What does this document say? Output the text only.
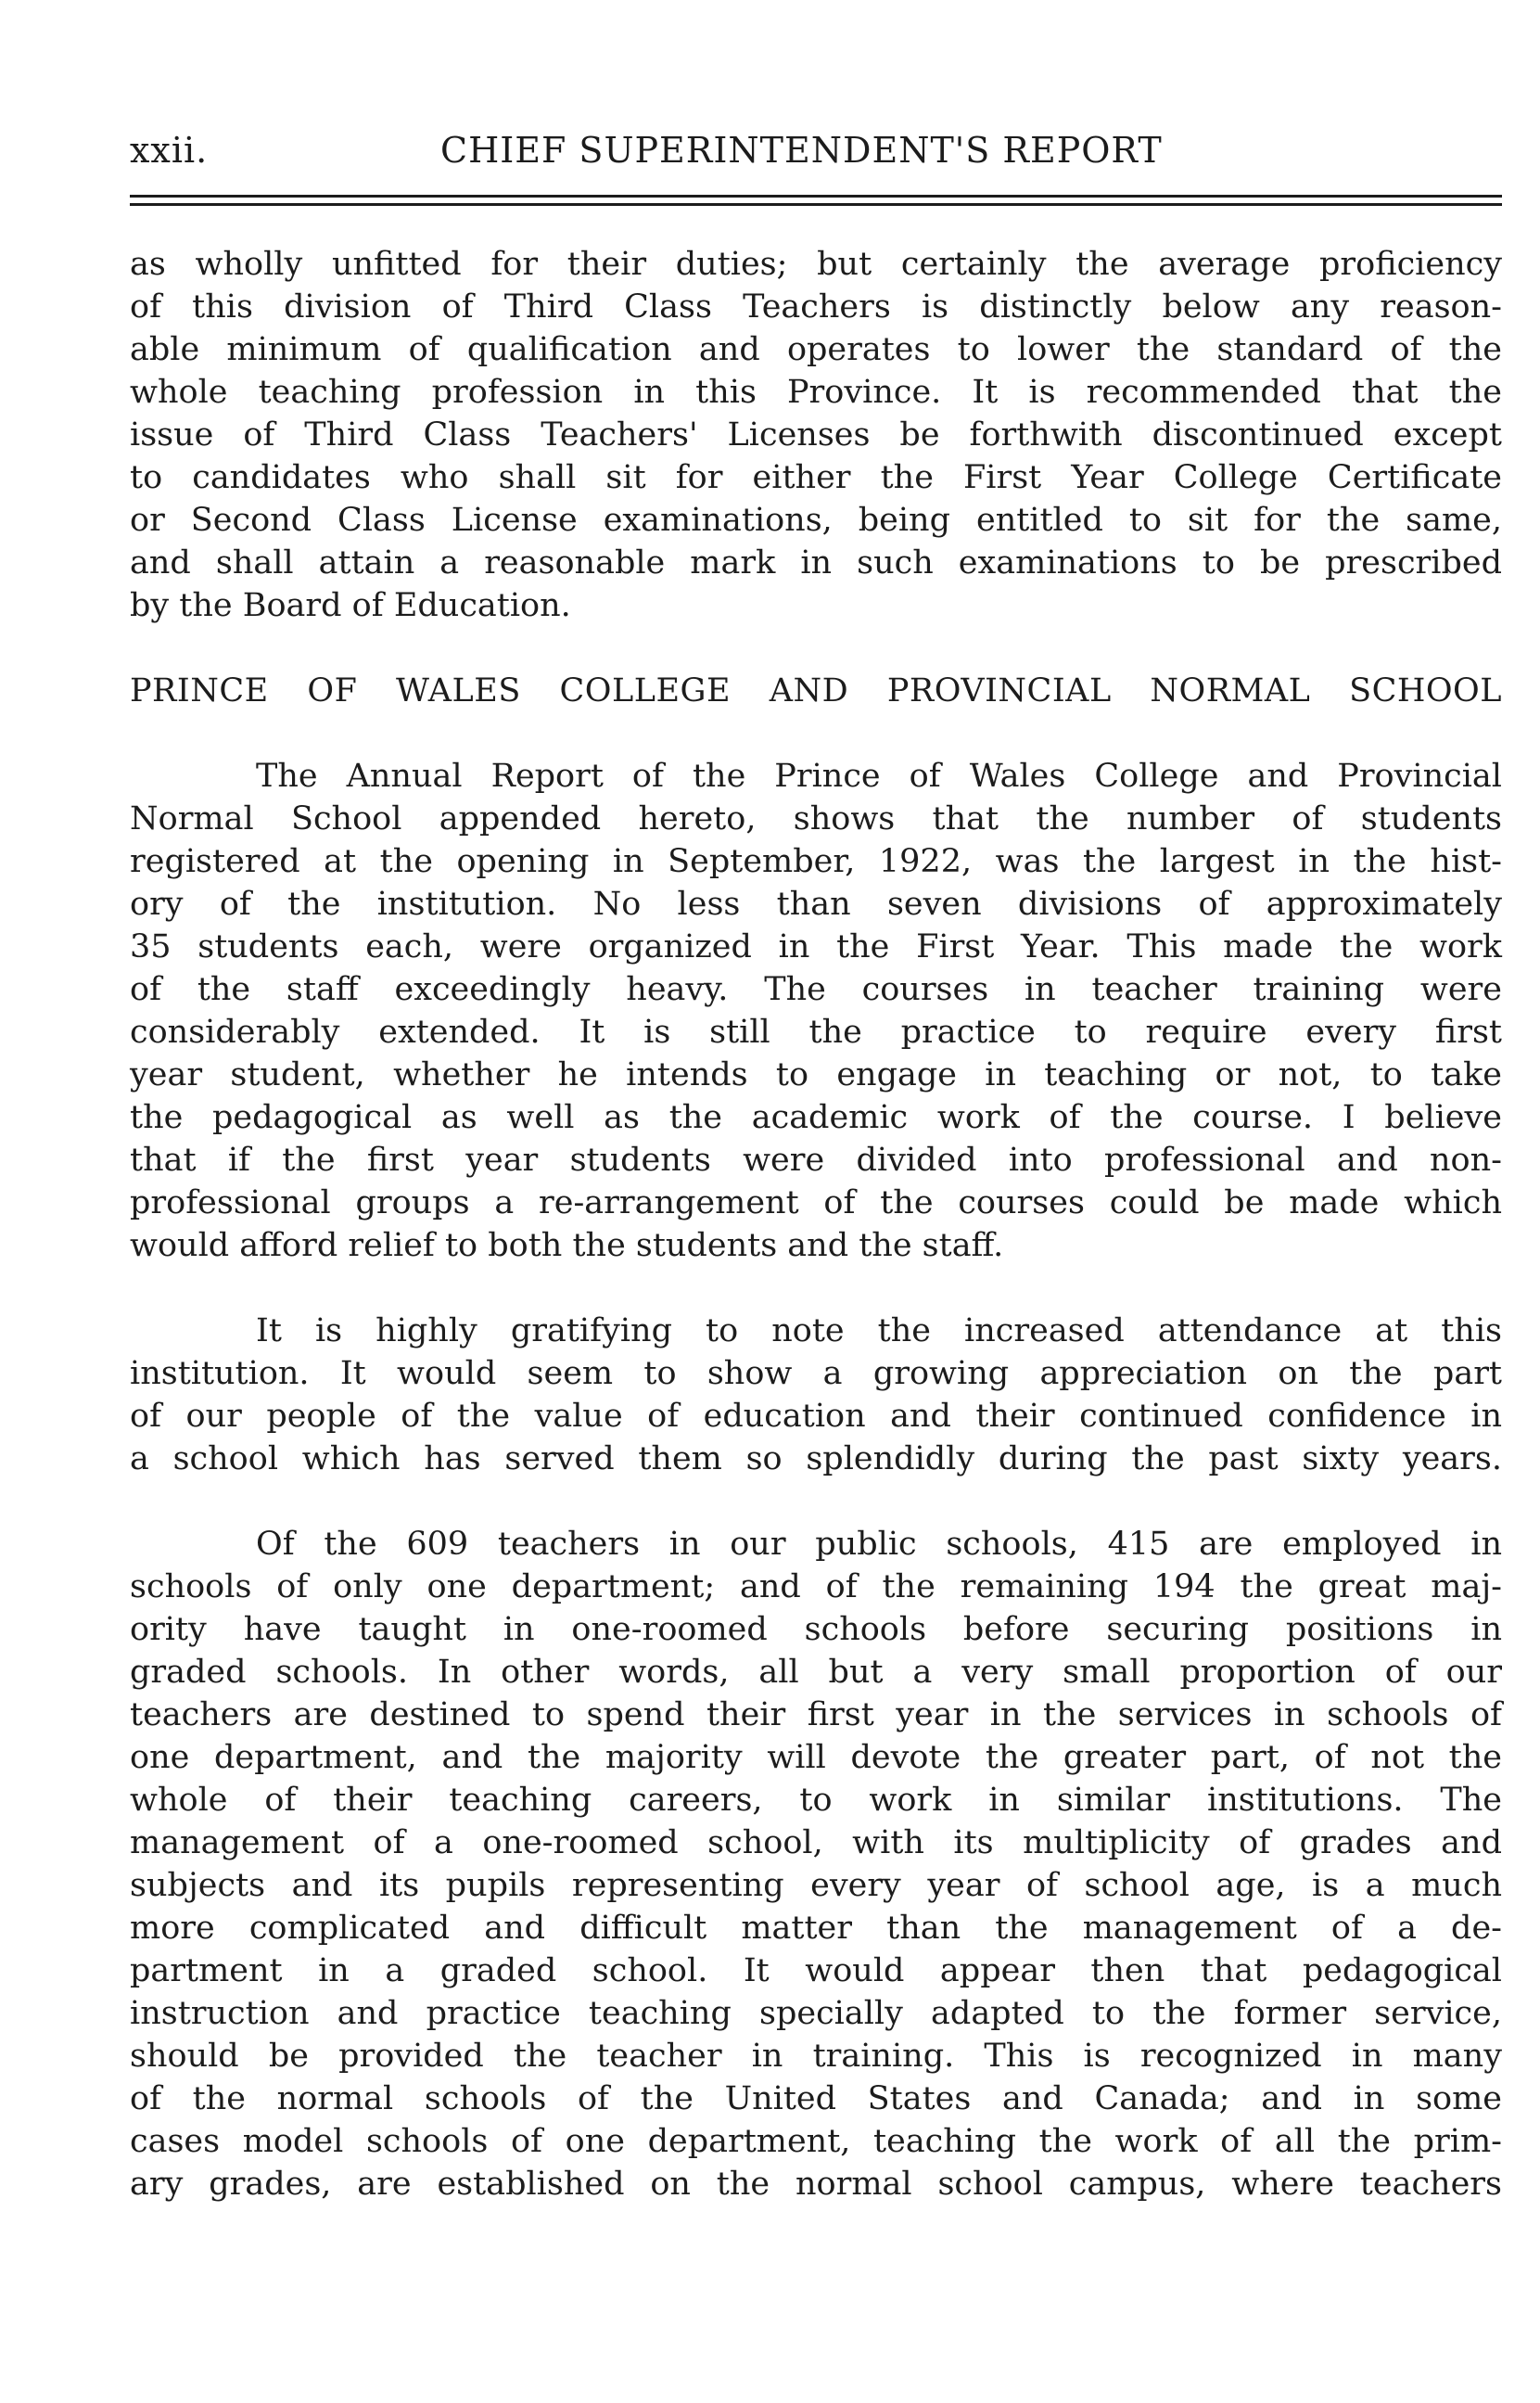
xxii.	CHIEF SUPERINTENDENT'S REPORT
as wholly unfitted for their duties; but certainly the average proficiency
of this division of Third Class Teachers is distinctly below any reason-
able minimum of qualification and operates to lower the standard of the
whole teaching profession in this Province. It is recommended that the
issue of Third Class Teachers' Licenses be forthwith discontinued except
to candidates who shall sit for either the First Year College Certificate
or Second Class License examinations, being entitled to sit for the same,
and shall attain a reasonable mark in such examinations to be prescribed
by the Board of Education.
PRINCE OF WALES COLLEGE AND PROVINCIAL NORMAL SCHOOL
The Annual Report of the Prince of Wales College and Provincial
Normal School appended hereto, shows that the number of students
registered at the opening in September, 1922, was the largest in the hist-
ory of the institution. No less than seven divisions of approximately
35 students each, were organized in the First Year. This made the work
of the staff exceedingly heavy. The courses in teacher training were
considerably extended. It is still the practice to require every first
year student, whether he intends to engage in teaching or not, to take
the pedagogical as well as the academic work of the course. I believe
that if the first year students were divided into professional and non-
professional groups a re-arrangement of the courses could be made which
would afford relief to both the students and the staff.
It is highly gratifying to note the increased attendance at this
institution. It would seem to show a growing appreciation on the part
of our people of the value of education and their continued confidence in
a school which has served them so splendidly during the past sixty years.
Of the 609 teachers in our public schools, 415 are employed in
schools of only one department; and of the remaining 194 the great maj-
ority have taught in one-roomed schools before securing positions in
graded schools. In other words, all but a very small proportion of our
teachers are destined to spend their first year in the services in schools of
one department, and the majority will devote the greater part, of not the
whole of their teaching careers, to work in similar institutions. The
management of a one-roomed school, with its multiplicity of grades and
subjects and its pupils representing every year of school age, is a much
more complicated and difficult matter than the management of a de-
partment in a graded school. It would appear then that pedagogical
instruction and practice teaching specially adapted to the former service,
should be provided the teacher in training. This is recognized in many
of the normal schools of the United States and Canada; and in some
cases model schools of one department, teaching the work of all the prim-
ary grades, are established on the normal school campus, where teachers
